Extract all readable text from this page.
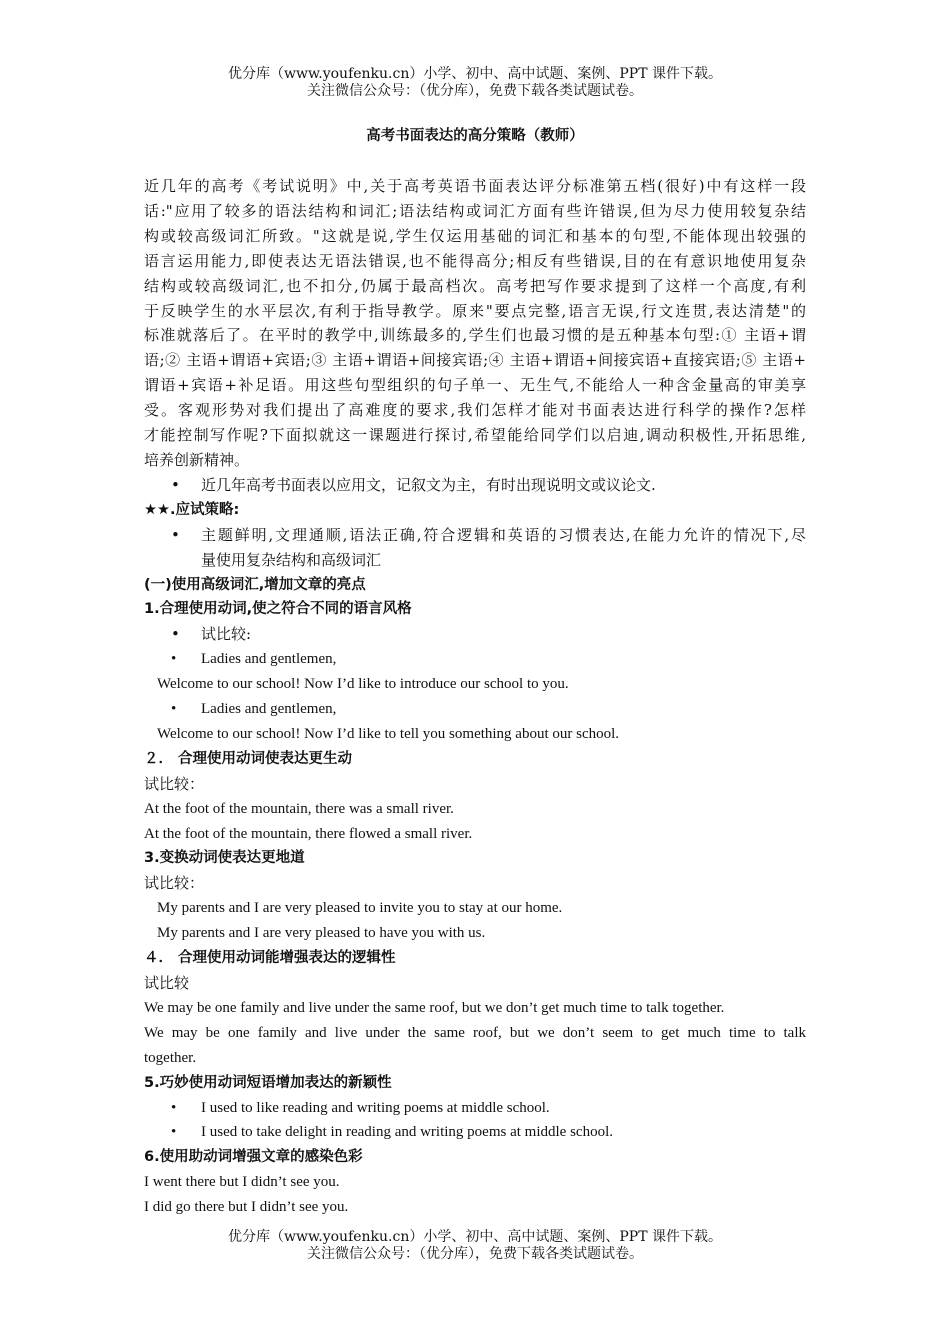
优分库（www.youfenku.cn）小学、初中、高中试题、案例、PPT 课件下载。
关注微信公众号：（优分库），免费下载各类试题试卷。
高考书面表达的高分策略（教师）
近几年的高考《考试说明》中,关于高考英语书面表达评分标准第五档(很好)中有这样一段
话:"应用了较多的语法结构和词汇;语法结构或词汇方面有些许错误,但为尽力使用较复杂结
构或较高级词汇所致。"这就是说,学生仅运用基础的词汇和基本的句型,不能体现出较强的
语言运用能力,即使表达无语法错误,也不能得高分;相反有些错误,目的在有意识地使用复杂
结构或较高级词汇,也不扣分,仍属于最高档次。高考把写作要求提到了这样一个高度,有利
于反映学生的水平层次,有利于指导教学。原来"要点完整,语言无误,行文连贯,表达清楚"的
标准就落后了。在平时的教学中,训练最多的,学生们也最习惯的是五种基本句型:① 主语+谓
语;② 主语+谓语+宾语;③ 主语+谓语+间接宾语;④ 主语+谓语+间接宾语+直接宾语;⑤ 主语+
谓语+宾语+补足语。用这些句型组织的句子单一、无生气,不能给人一种含金量高的审美享
受。客观形势对我们提出了高难度的要求,我们怎样才能对书面表达进行科学的操作?怎样
才能控制写作呢?下面拟就这一课题进行探讨,希望能给同学们以启迪,调动积极性,开拓思维,
培养创新精神。
• 近几年高考书面表以应用文，记叙文为主，有时出现说明文或议论文.
★★.应试策略:
• 主题鲜明,文理通顺,语法正确,符合逻辑和英语的习惯表达,在能力允许的情况下,尽
量使用复杂结构和高级词汇
(一)使用高级词汇,增加文章的亮点
1.合理使用动词,使之符合不同的语言风格
• 试比较:
• Ladies and gentlemen,
Welcome to our school! Now I’d like to introduce our school to you.
• Ladies and gentlemen,
Welcome to our school! Now I’d like to tell you something about our school.
２． 合理使用动词使表达更生动
试比较：
At the foot of the mountain, there was a small river.
At the foot of the mountain, there flowed a small river.
3.变换动词使表达更地道
试比较：
My parents and I are very pleased to invite you to stay at our home.
My parents and I are very pleased to have you with us.
４． 合理使用动词能增强表达的逻辑性
试比较
We may be one family and live under the same roof, but we don’t get much time to talk together.
We may be one family and live under the same roof, but we don’t seem to get much time to talk
together.
5.巧妙使用动词短语增加表达的新颖性
• I used to like reading and writing poems at middle school.
• I used to take delight in reading and writing poems at middle school.
6.使用助动词增强文章的感染色彩
I went there but I didn’t see you.
I did go there but I didn’t see you.
优分库（www.youfenku.cn）小学、初中、高中试题、案例、PPT 课件下载。
关注微信公众号：（优分库），免费下载各类试题试卷。
